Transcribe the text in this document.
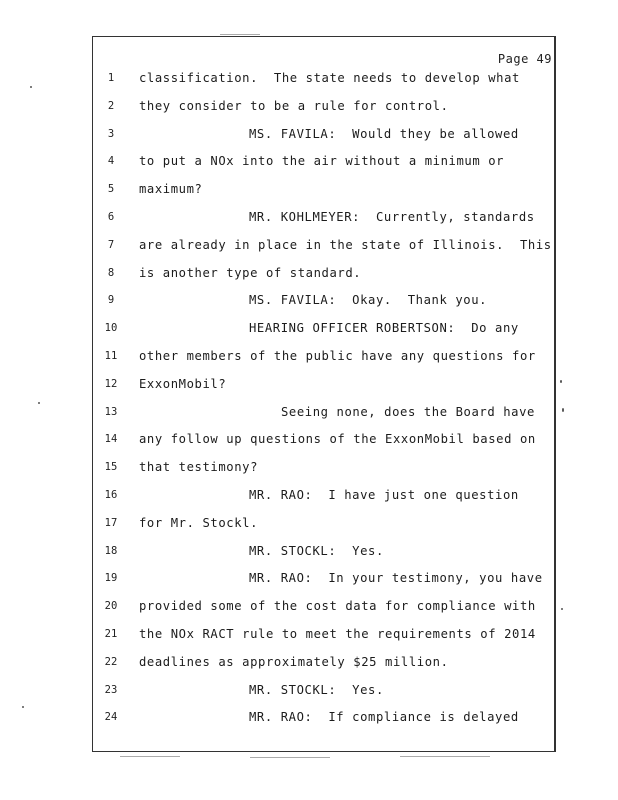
Page 49
1	classification.  The state needs to develop what
2	they consider to be a rule for control.
3	MS. FAVILA:  Would they be allowed
4	to put a NOx into the air without a minimum or
5	maximum?
6	MR. KOHLMEYER:  Currently, standards
7	are already in place in the state of Illinois.  This
8	is another type of standard.
9	MS. FAVILA:  Okay.  Thank you.
10	HEARING OFFICER ROBERTSON:  Do any
11	other members of the public have any questions for
12	ExxonMobil?
13	Seeing none, does the Board have
14	any follow up questions of the ExxonMobil based on
15	that testimony?
16	MR. RAO:  I have just one question
17	for Mr. Stockl.
18	MR. STOCKL:  Yes.
19	MR. RAO:  In your testimony, you have
20	provided some of the cost data for compliance with
21	the NOx RACT rule to meet the requirements of 2014
22	deadlines as approximately $25 million.
23	MR. STOCKL:  Yes.
24	MR. RAO:  If compliance is delayed
